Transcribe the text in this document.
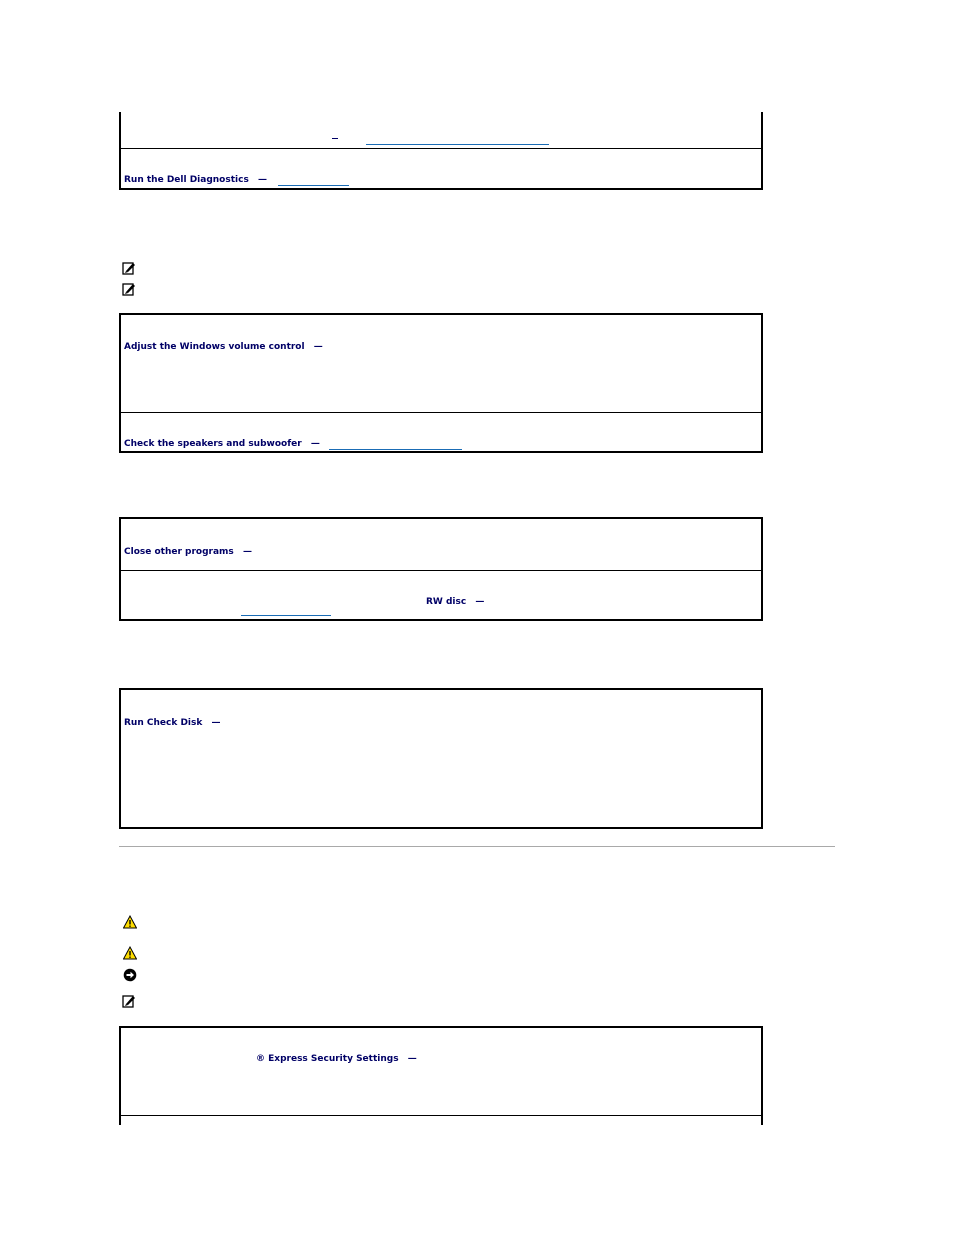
Run the Dell Diagnostics —
Adjust the Windows volume control —
Check the speakers and subwoofer —
Close other programs —
RW disc —
Run Check Disk —
® Express Security Settings —
